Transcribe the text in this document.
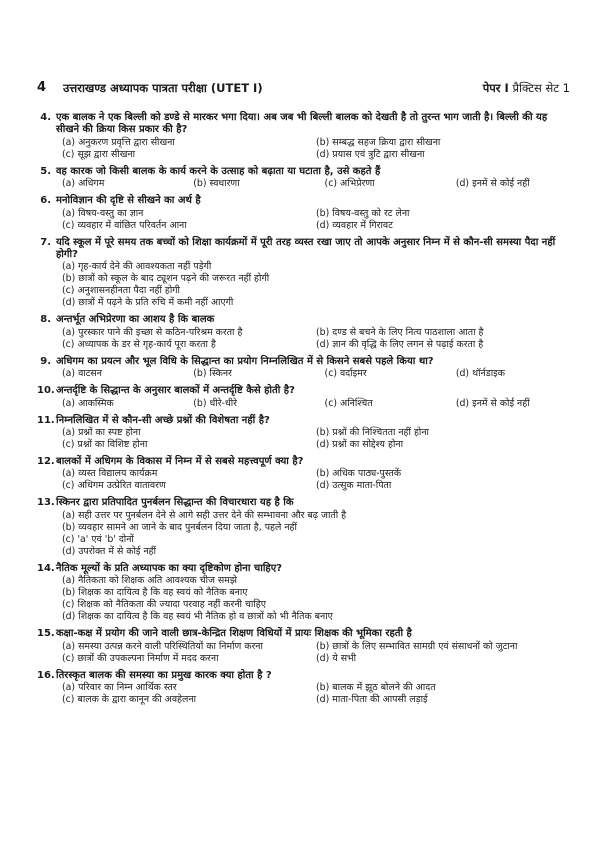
4 उत्तराखण्ड अध्यापक पात्रता परीक्षा (UTET I)	पेपर I प्रैक्टिस सेट 1
4. एक बालक ने एक बिल्ली को डण्डे से मारकर भगा दिया। अब जब भी बिल्ली बालक को देखती है तो तुरन्त भाग जाती है। बिल्ली की यह सीखने की क्रिया किस प्रकार की है?
(a) अनुकरण प्रवृत्ति द्वारा सीखना	(b) सम्बद्ध सहज क्रिया द्वारा सीखना
(c) सूझ द्वारा सीखना	(d) प्रयास एवं त्रुटि द्वारा सीखना
5. वह कारक जो किसी बालक के कार्य करने के उत्साह को बढ़ाता या घटाता है, उसे कहते हैं
(a) अधिगम	(b) स्वधारणा	(c) अभिप्रेरणा	(d) इनमें से कोई नहीं
6. मनोविज्ञान की दृष्टि से सीखने का अर्थ है
(a) विषय-वस्तु का ज्ञान	(b) विषय-वस्तु को रट लेना
(c) व्यवहार में वांछित परिवर्तन आना	(d) व्यवहार में गिरावट
7. यदि स्कूल में पूरे समय तक बच्चों को शिक्षा कार्यक्रमों में पूरी तरह व्यस्त रखा जाए तो आपके अनुसार निम्न में से कौन-सी समस्या पैदा नहीं होगी?
(a) गृह-कार्य देने की आवश्यकता नहीं पड़ेगी
(b) छात्रों को स्कूल के बाद ट्यूशन पढ़ने की जरूरत नहीं होगी
(c) अनुशासनहीनता पैदा नहीं होगी
(d) छात्रों में पढ़ने के प्रति रुचि में कमी नहीं आएगी
8. अन्तर्भूत अभिप्रेरणा का आशय है कि बालक
(a) पुरस्कार पाने की इच्छा से कठिन-परिश्रम करता है	(b) दण्ड से बचने के लिए नित्य पाठशाला आता है
(c) अध्यापक के डर से गृह-कार्य पूरा करता है	(d) ज्ञान की वृद्धि के लिए लगन से पढ़ाई करता है
9. अधिगम का प्रयत्न और भूल विधि के सिद्धान्त का प्रयोग निम्नलिखित में से किसने सबसे पहले किया था?
(a) वाटसन	(b) स्किनर	(c) वर्दाइमर	(d) थॉर्नडाइक
10. अन्तर्दृष्टि के सिद्धान्त के अनुसार बालकों में अन्तर्दृष्टि कैसे होती है?
(a) आकस्मिक	(b) धीरे-धीरे	(c) अनिश्चित	(d) इनमें से कोई नहीं
11. निम्नलिखित में से कौन-सी अच्छे प्रश्नों की विशेषता नहीं है?
(a) प्रश्नों का स्पष्ट होना	(b) प्रश्नों की निश्चितता नहीं होना
(c) प्रश्नों का विशिष्ट होना	(d) प्रश्नों का सोद्देश्य होना
12. बालकों में अधिगम के विकास में निम्न में से सबसे महत्त्वपूर्ण क्या है?
(a) व्यस्त विद्यालय कार्यक्रम	(b) अधिक पाठ्य-पुस्तकें
(c) अधिगम उत्प्रेरित वातावरण	(d) उत्सुक माता-पिता
13. स्किनर द्वारा प्रतिपादित पुनर्बलन सिद्धान्त की विचारधारा यह है कि
(a) सही उत्तर पर पुनर्बलन देने से आगे सही उत्तर देने की सम्भावना और बढ़ जाती है
(b) व्यवहार सामने आ जाने के बाद पुनर्बलन दिया जाता है, पहले नहीं
(c) 'a' एवं 'b' दोनों
(d) उपरोक्त में से कोई नहीं
14. नैतिक मूल्यों के प्रति अध्यापक का क्या दृष्टिकोण होना चाहिए?
(a) नैतिकता को शिक्षक अति आवश्यक चीज समझे
(b) शिक्षक का दायित्व है कि वह स्वयं को नैतिक बनाए
(c) शिक्षक को नैतिकता की ज्यादा परवाह नहीं करनी चाहिए
(d) शिक्षक का दायित्व है कि वह स्वयं भी नैतिक हो व छात्रों को भी नैतिक बनाए
15. कक्षा-कक्ष में प्रयोग की जाने वाली छात्र-केन्द्रित शिक्षण विधियों में प्रायः शिक्षक की भूमिका रहती है
(a) समस्या उत्पन्न करने वाली परिस्थितियों का निर्माण करना	(b) छात्रों के लिए सम्भावित सामग्री एवं संसाधनों को जुटाना
(c) छात्रों की उपकल्पना निर्माण में मदद करना	(d) ये सभी
16. तिरस्कृत बालक की समस्या का प्रमुख कारक क्या होता है ?
(a) परिवार का निम्न आर्थिक स्तर	(b) बालक में झूठ बोलने की आदत
(c) बालक के द्वारा कानून की अवहेलना	(d) माता-पिता की आपसी लड़ाई
